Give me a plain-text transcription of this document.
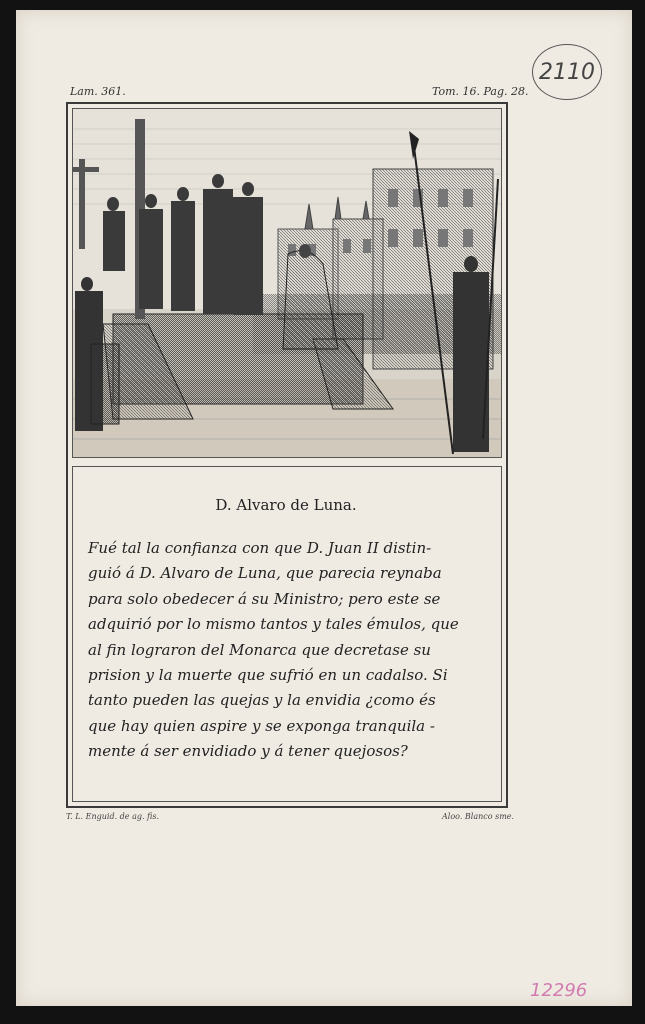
Lam. 361.	Tom. 16. Pag. 28.
2110
D. Alvaro de Luna.
Fué tal la confianza con que D. Juan II distin-
guió á D. Alvaro de Luna, que parecia reynaba
para solo obedecer á su Ministro; pero este se
adquirió por lo mismo tantos y tales émulos, que
al fin lograron del Monarca que decretase su
prision y la muerte que sufrió en un cadalso. Si
tanto pueden las quejas y la envidia ¿como és
que hay quien aspire y se exponga tranquila -
mente á ser envidiado y á tener quejosos?
T. L. Enguid. de ag. fis.	Aloo. Blanco sme.
12296
